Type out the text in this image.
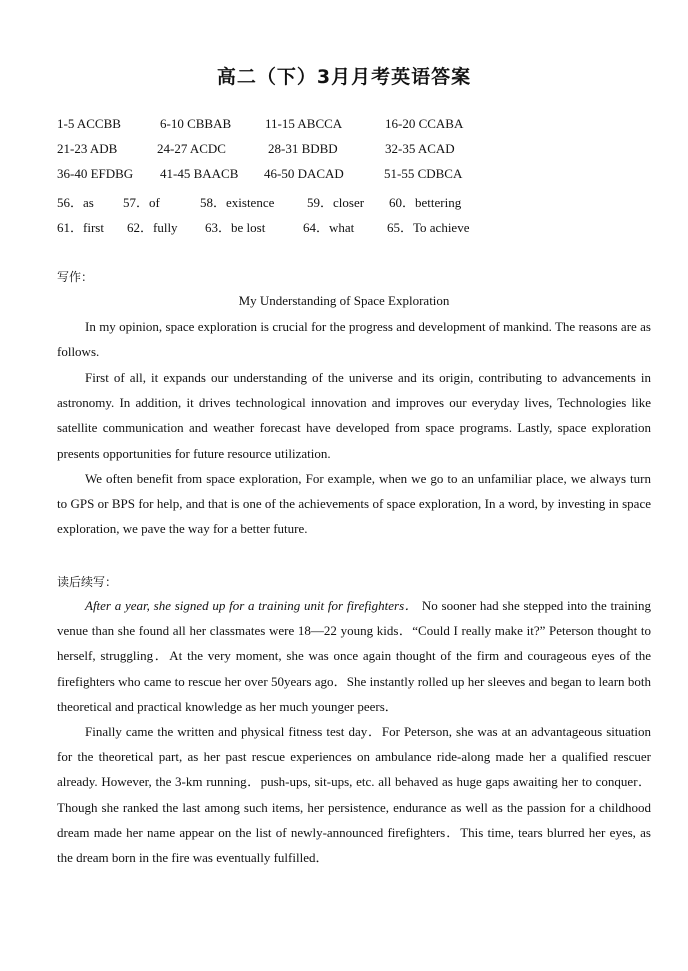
高二（下）3月月考英语答案
1-5 ACCBB	6-10 CBBAB	11-15 ABCCA	16-20 CCABA
21-23 ADB	24-27 ACDC	28-31 BDBD	32-35 ACAD
36-40 EFDBG 41-45 BAACB 46-50 DACAD	51-55 CDBCA
56．as 57．of	58．existence	59．closer 60．bettering
61．first 62．fully 63．be lost	64．what	65．To achieve
写作：
My Understanding of Space Exploration

In my opinion, space exploration is crucial for the progress and development of mankind. The reasons are as follows.

First of all, it expands our understanding of the universe and its origin, contributing to advancements in astronomy. In addition, it drives technological innovation and improves our everyday lives, Technologies like satellite communication and weather forecast have developed from space programs. Lastly, space exploration presents opportunities for future resource utilization.

We often benefit from space exploration, For example, when we go to an unfamiliar place, we always turn to GPS or BPS for help, and that is one of the achievements of space exploration, In a word, by investing in space exploration, we pave the way for a better future.

读后续写：

After a year, she signed up for a training unit for firefighters． No sooner had she stepped into the training venue than she found all her classmates were 18—22 young kids．“Could I really make it?” Peterson thought to herself, struggling．At the very moment, she was once again thought of the firm and courageous eyes of the firefighters who came to rescue her over 50years ago．She instantly rolled up her sleeves and began to learn both theoretical and practical knowledge as her much younger peers．

Finally came the written and physical fitness test day．For Peterson, she was at an advantageous situation for the theoretical part, as her past rescue experiences on ambulance ride-along made her a qualified rescuer already. However, the 3-km running．push-ups, sit-ups, etc. all behaved as huge gaps awaiting her to conquer．Though she ranked the last among such items, her persistence, endurance as well as the passion for a childhood dream made her name appear on the list of newly-announced firefighters．This time, tears blurred her eyes, as the dream born in the fire was eventually fulfilled．
